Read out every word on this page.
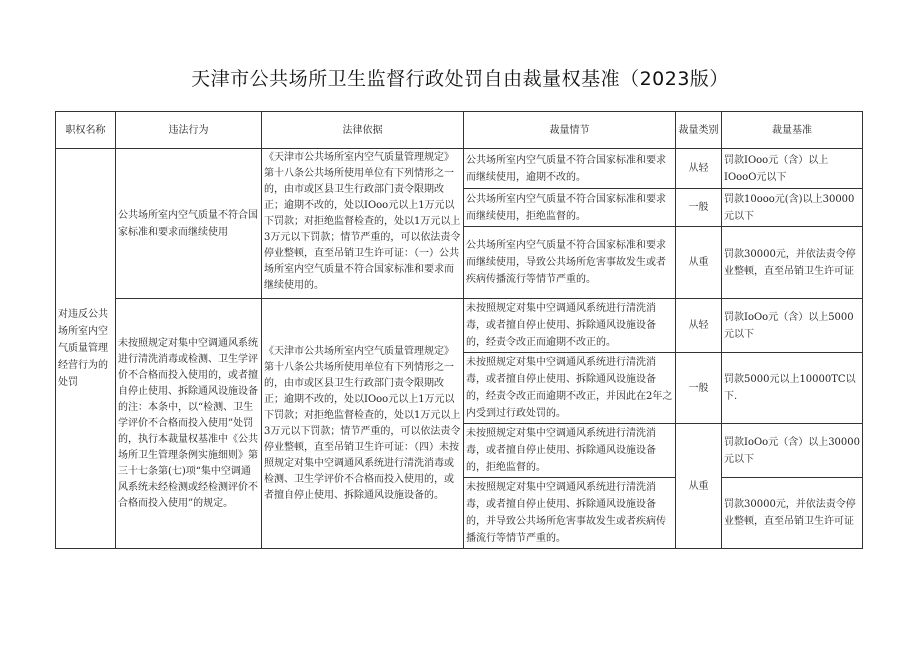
天津市公共场所卫生监督行政处罚自由裁量权基准（2023版）
职权名称	违法行为	法律依据	裁量情节	裁量类别	裁量基准
对违反公共场所室内空气质量管理经营行为的处罚	公共场所室内空气质量不符合国家标准和要求而继续使用	《天津市公共场所室内空气质量管理规定》第十八条公共场所使用单位有下列情形之一的，由市或区县卫生行政部门责令限期改正；逾期不改的，处以IOoo元以上1万元以下罚款；对拒绝监督检查的，处以1万元以上3万元以下罚款；情节严重的，可以依法责令停业整顿，直至吊销卫生许可证：（一）公共场所室内空气质量不符合国家标准和要求而继续使用的。	公共场所室内空气质量不符合国家标准和要求而继续使用，逾期不改的。	从轻	罚款IOoo元（含）以上IOooO元以下
			公共场所室内空气质量不符合国家标准和要求而继续使用，拒绝监督的。	一般	罚款10ooo元(含)以上30000元以下
			公共场所室内空气质量不符合国家标准和要求而继续使用，导致公共场所危害事故发生或者疾病传播流行等情节严重的。	从重	罚款30000元，并依法责令停业整顿，直至吊销卫生许可证
	未按照规定对集中空调通风系统进行清洗消毒或检测、卫生学评价不合格而投入使用的，或者擅自停止使用、拆除通风设施设备的注：本条中，以“检测、卫生学评价不合格而投入使用”处罚的，执行本裁量权基准中《公共场所卫生管理条例实施细则》第三十七条第(七)项“集中空调通风系统未经检测或经检测评价不合格而投入使用”的规定。	《天津市公共场所室内空气质量管理规定》第十八条公共场所使用单位有下列情形之一的，由市或区县卫生行政部门责令限期改正；逾期不改的，处以IOoo元以上1万元以下罚款；对拒绝监督检查的，处以1万元以上3万元以下罚款；情节严重的，可以依法责令停业整顿，直至吊销卫生许可证：（四）未按照规定对集中空调通风系统进行清洗消毒或检测、卫生学评价不合格而投入使用的，或者擅自停止使用、拆除通风设施设备的。	未按照规定对集中空调通风系统进行清洗消毒，或者擅自停止使用、拆除通风设施设备的，经责令改正而逾期不改正的。	从轻	罚款IoOo元（含）以上5000元以下
			未按照规定对集中空调通风系统进行清洗消毒，或者擅自停止使用、拆除通风设施设备的，经责令改正而逾期不改正，并因此在2年之内受到过行政处罚的。	一般	罚款5000元以上10000TC以下.
			未按照规定对集中空调通风系统进行清洗消毒，或者擅自停止使用、拆除通风设施设备的，拒绝监督的。	从重	罚款IoOo元（含）以上30000元以下
			未按照规定对集中空调通风系统进行清洗消毒，或者擅自停止使用、拆除通风设施设备的，并导致公共场所危害事故发生或者疾病传播流行等情节严重的。		罚款30000元，并依法责令停业整顿，直至吊销卫生许可证
